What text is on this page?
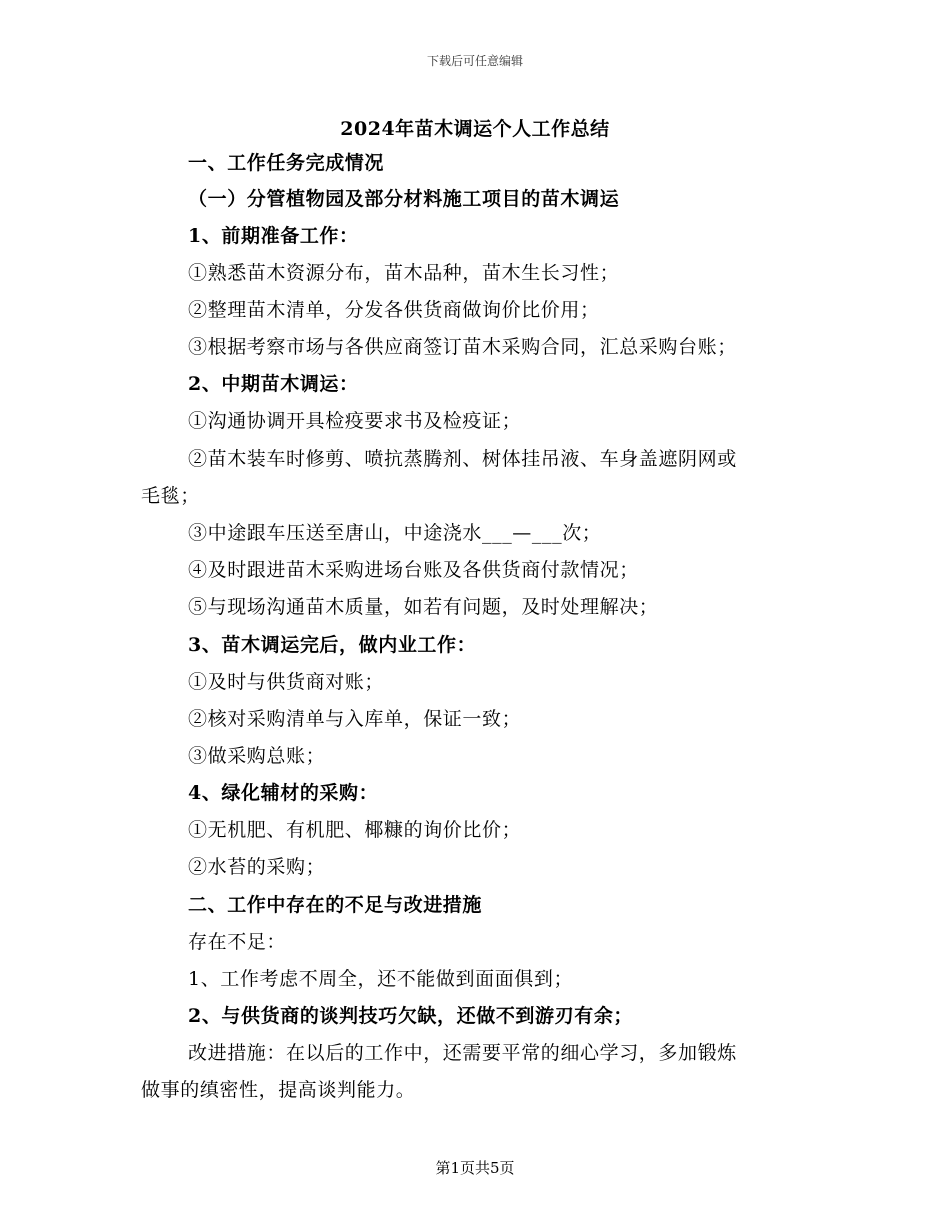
下载后可任意编辑
2024年苗木调运个人工作总结
一、工作任务完成情况
（一）分管植物园及部分材料施工项目的苗木调运
1、前期准备工作：
①熟悉苗木资源分布，苗木品种，苗木生长习性；
②整理苗木清单，分发各供货商做询价比价用；
③根据考察市场与各供应商签订苗木采购合同，汇总采购台账；
2、中期苗木调运：
①沟通协调开具检疫要求书及检疫证；
②苗木装车时修剪、喷抗蒸腾剂、树体挂吊液、车身盖遮阴网或
毛毯；
③中途跟车压送至唐山，中途浇水___—___次；
④及时跟进苗木采购进场台账及各供货商付款情况；
⑤与现场沟通苗木质量，如若有问题，及时处理解决；
3、苗木调运完后，做内业工作：
①及时与供货商对账；
②核对采购清单与入库单，保证一致；
③做采购总账；
4、绿化辅材的采购：
①无机肥、有机肥、椰糠的询价比价；
②水苔的采购；
二、工作中存在的不足与改进措施
存在不足：
1、工作考虑不周全，还不能做到面面俱到；
2、与供货商的谈判技巧欠缺，还做不到游刃有余；
改进措施：在以后的工作中，还需要平常的细心学习，多加锻炼
做事的缜密性，提高谈判能力。
第1页共5页
